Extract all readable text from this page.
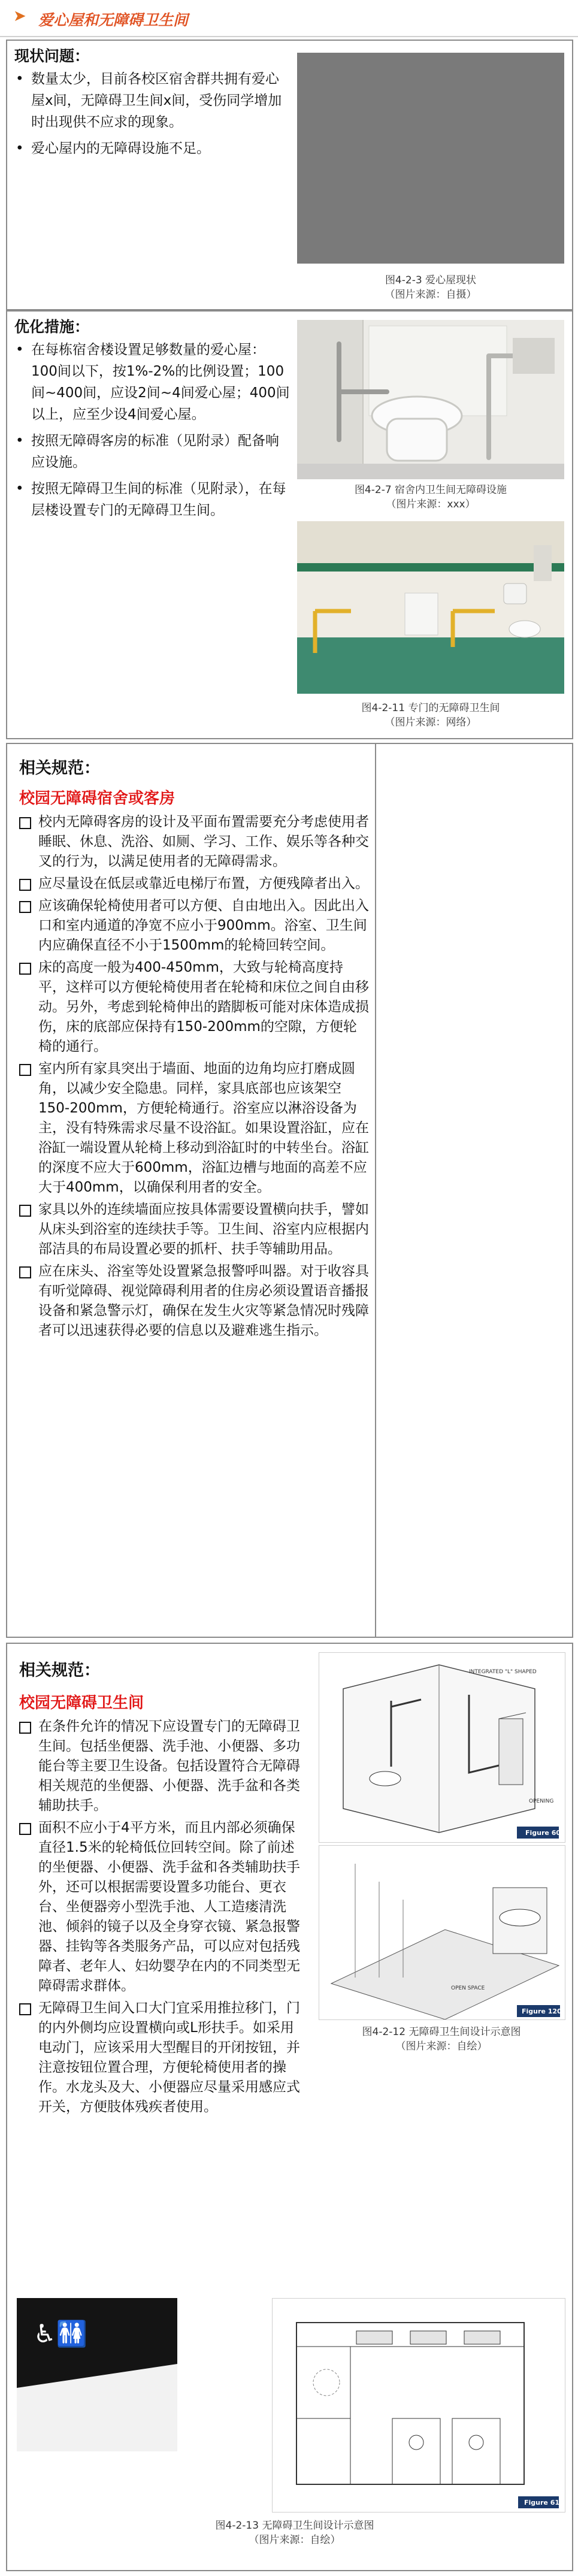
➤ 爱心屋和无障碍卫生间
现状问题：
• 数量太少，目前各校区宿舍群共拥有爱心屋x间，无障碍卫生间x间，受伤同学增加时出现供不应求的现象。
• 爱心屋内的无障碍设施不足。
图4-2-3 爱心屋现状
（图片来源：自摄）
优化措施：
• 在每栋宿舍楼设置足够数量的爱心屋：100间以下，按1%-2%的比例设置；100间~400间，应设2间~4间爱心屋；400间以上，应至少设4间爱心屋。
• 按照无障碍客房的标准（见附录）配备响应设施。
• 按照无障碍卫生间的标准（见附录），在每层楼设置专门的无障碍卫生间。
图4-2-7 宿舍内卫生间无障碍设施
（图片来源：xxx）
图4-2-11 专门的无障碍卫生间
（图片来源：网络）
相关规范：
校园无障碍宿舍或客房
校内无障碍客房的设计及平面布置需要充分考虑使用者睡眠、休息、洗浴、如厕、学习、工作、娱乐等各种交叉的行为，以满足使用者的无障碍需求。
应尽量设在低层或靠近电梯厅布置，方便残障者出入。
应该确保轮椅使用者可以方便、自由地出入。因此出入口和室内通道的净宽不应小于900mm。浴室、卫生间内应确保直径不小于1500mm的轮椅回转空间。
床的高度一般为400-450mm，大致与轮椅高度持平，这样可以方便轮椅使用者在轮椅和床位之间自由移动。另外，考虑到轮椅伸出的踏脚板可能对床体造成损伤，床的底部应保持有150-200mm的空隙，方便轮椅的通行。
室内所有家具突出于墙面、地面的边角均应打磨成圆角，以减少安全隐患。同样，家具底部也应该架空150-200mm，方便轮椅通行。浴室应以淋浴设备为主，没有特殊需求尽量不设浴缸。如果设置浴缸，应在浴缸一端设置从轮椅上移动到浴缸时的中转坐台。浴缸的深度不应大于600mm，浴缸边槽与地面的高差不应大于400mm，以确保利用者的安全。
家具以外的连续墙面应按具体需要设置横向扶手，譬如从床头到浴室的连续扶手等。卫生间、浴室内应根据内部洁具的布局设置必要的抓杆、扶手等辅助用品。
应在床头、浴室等处设置紧急报警呼叫器。对于收容具有听觉障碍、视觉障碍利用者的住房必须设置语音播报设备和紧急警示灯，确保在发生火灾等紧急情况时残障者可以迅速获得必要的信息以及避难逃生指示。
相关规范：
校园无障碍卫生间
在条件允许的情况下应设置专门的无障碍卫生间。包括坐便器、洗手池、小便器、多功能台等主要卫生设备。包括设置符合无障碍相关规范的坐便器、小便器、洗手盆和各类辅助扶手。
面积不应小于4平方米，而且内部必须确保直径1.5米的轮椅低位回转空间。除了前述的坐便器、小便器、洗手盆和各类辅助扶手外，还可以根据需要设置多功能台、更衣台、坐便器旁小型洗手池、人工造瘘清洗池、倾斜的镜子以及全身穿衣镜、紧急报警器、挂钩等各类服务产品，可以应对包括残障者、老年人、妇幼婴孕在内的不同类型无障碍需求群体。
无障碍卫生间入口大门宜采用推拉移门，门的内外侧均应设置横向或L形扶手。如采用电动门，应该采用大型醒目的开闭按钮，并注意按钮位置合理，方便轮椅使用者的操作。水龙头及大、小便器应尽量采用感应式开关，方便肢体残疾者使用。
INTEGRATED "L" SHAPED
OPENING
Figure 60
OPEN SPACE
Figure 120
图4-2-12 无障碍卫生间设计示意图
（图片来源：自绘）
♿🚻
Figure 61
图4-2-13 无障碍卫生间设计示意图
（图片来源：自绘）
